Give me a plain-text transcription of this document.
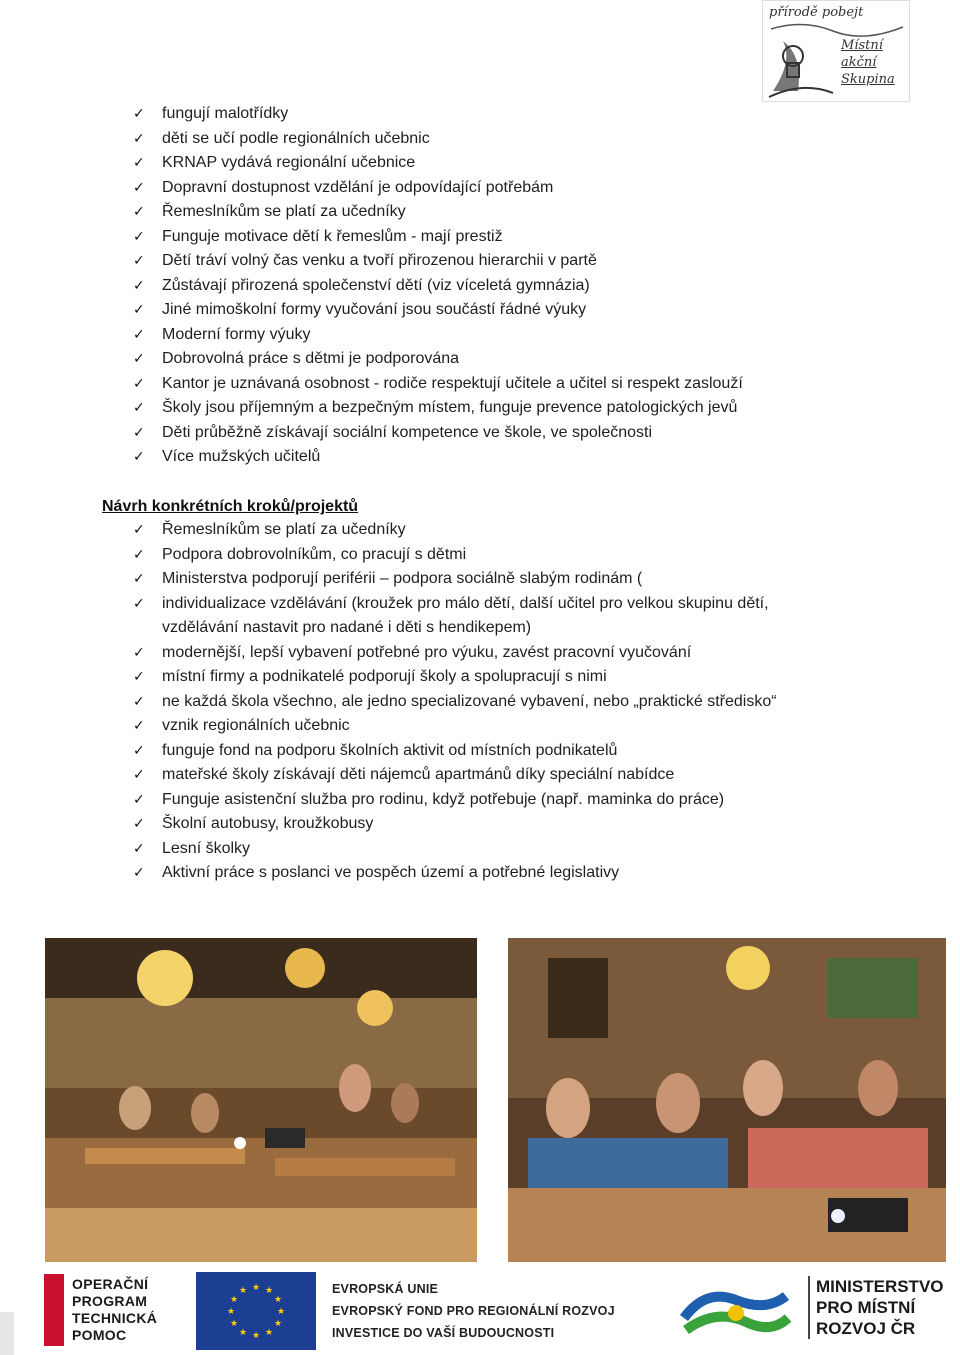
přírodě pobejt
Místní akční Skupina
✓ fungují malotřídky
✓ děti se učí podle regionálních učebnic
✓ KRNAP vydává regionální učebnice
✓ Dopravní dostupnost vzdělání je odpovídající potřebám
✓ Řemeslníkům se platí za učedníky
✓ Funguje motivace dětí k řemeslům - mají prestiž
✓ Dětí tráví volný čas venku a tvoří přirozenou hierarchii v partě
✓ Zůstávají přirozená společenství dětí (viz víceletá gymnázia)
✓ Jiné mimoškolní formy vyučování jsou součástí řádné výuky
✓ Moderní formy výuky
✓ Dobrovolná práce s dětmi je podporována
✓ Kantor je uznávaná osobnost - rodiče respektují učitele a učitel si respekt zaslouží
✓ Školy jsou příjemným a bezpečným místem, funguje prevence patologických jevů
✓ Děti průběžně získávají sociální kompetence ve škole, ve společnosti
✓ Více mužských učitelů
Návrh konkrétních kroků/projektů
✓ Řemeslníkům se platí za učedníky
✓ Podpora dobrovolníkům, co pracují s dětmi
✓ Ministerstva podporují periférii – podpora sociálně slabým rodinám (
✓ individualizace vzdělávání (kroužek pro málo dětí, další učitel pro velkou skupinu dětí,
vzdělávání nastavit pro nadané i děti s hendikepem)
✓ modernější, lepší vybavení potřebné pro výuku, zavést pracovní vyučování
✓ místní firmy a podnikatelé podporují školy a spolupracují s nimi
✓ ne každá škola všechno, ale jedno specializované vybavení, nebo „praktické středisko“
✓ vznik regionálních učebnic
✓ funguje fond na podporu školních aktivit od místních podnikatelů
✓ mateřské školy získávají děti nájemců apartmánů díky speciální nabídce
✓ Funguje asistenční služba pro rodinu, když potřebuje (např. maminka do práce)
✓ Školní autobusy, kroužkobusy
✓ Lesní školky
✓ Aktivní práce s poslanci ve pospěch území a potřebné legislativy
OPERAČNÍ
PROGRAM
TECHNICKÁ
POMOC
★ ★
★
★
★
★
★
★
★
★
★
★	EVROPSKÁ UNIE
EVROPSKÝ FOND PRO REGIONÁLNÍ ROZVOJ
INVESTICE DO VAŠÍ BUDOUCNOSTI
MINISTERSTVO
PRO MÍSTNÍ
ROZVOJ ČR
